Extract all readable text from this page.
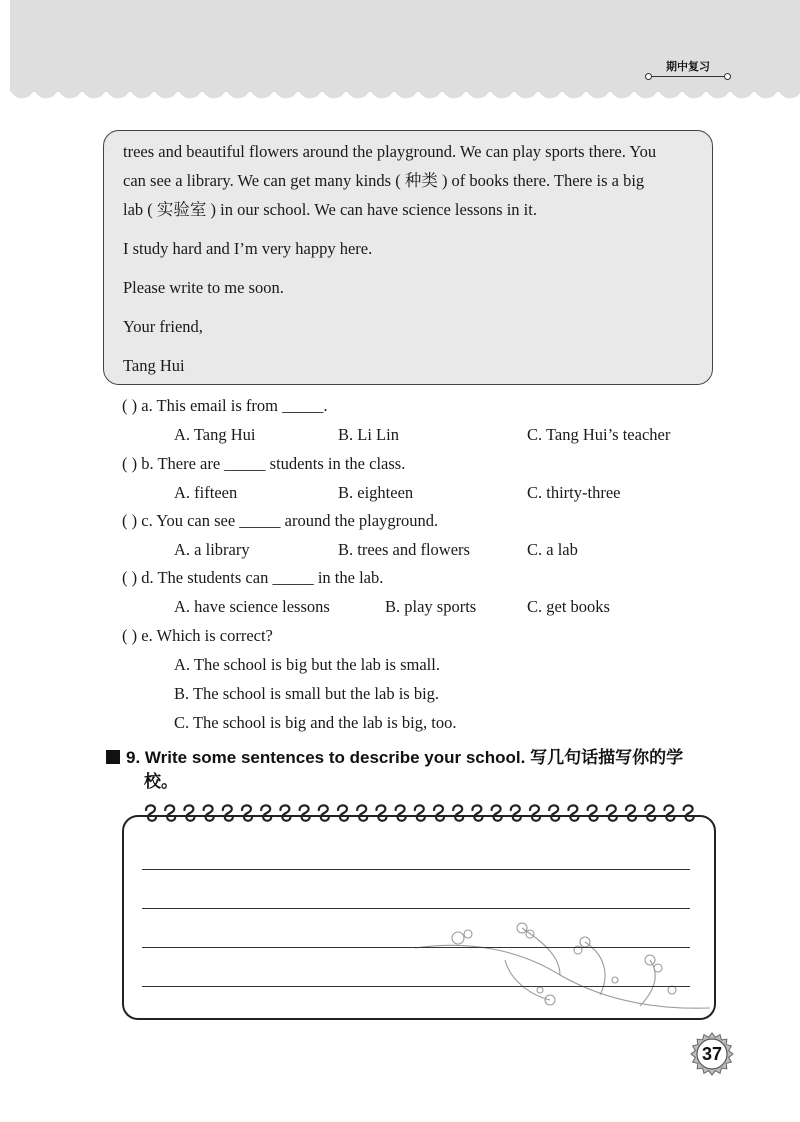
期中复习

trees and beautiful flowers around the playground. We can play sports there. You

can see a library. We can get many kinds ( 种类 ) of books there. There is a big

lab ( 实验室 ) in our school. We can have science lessons in it.

I study hard and I’m very happy here.

Please write to me soon.

Your friend,

Tang Hui

( ) a. This email is from _____.
A. Tang Hui	B. Li Lin	C. Tang Hui’s teacher
( ) b. There are _____ students in the class.
A. fifteen	B. eighteen	C. thirty-three
( ) c. You can see _____ around the playground.
A. a library	B. trees and flowers	C. a lab
( ) d. The students can _____ in the lab.
A. have science lessons	B. play sports	C. get books
( ) e. Which is correct?
A. The school is big but the lab is small.
B. The school is small but the lab is big.
C. The school is big and the lab is big, too.
9. Write some sentences to describe your school. 写几句话描写你的学
校。
37
